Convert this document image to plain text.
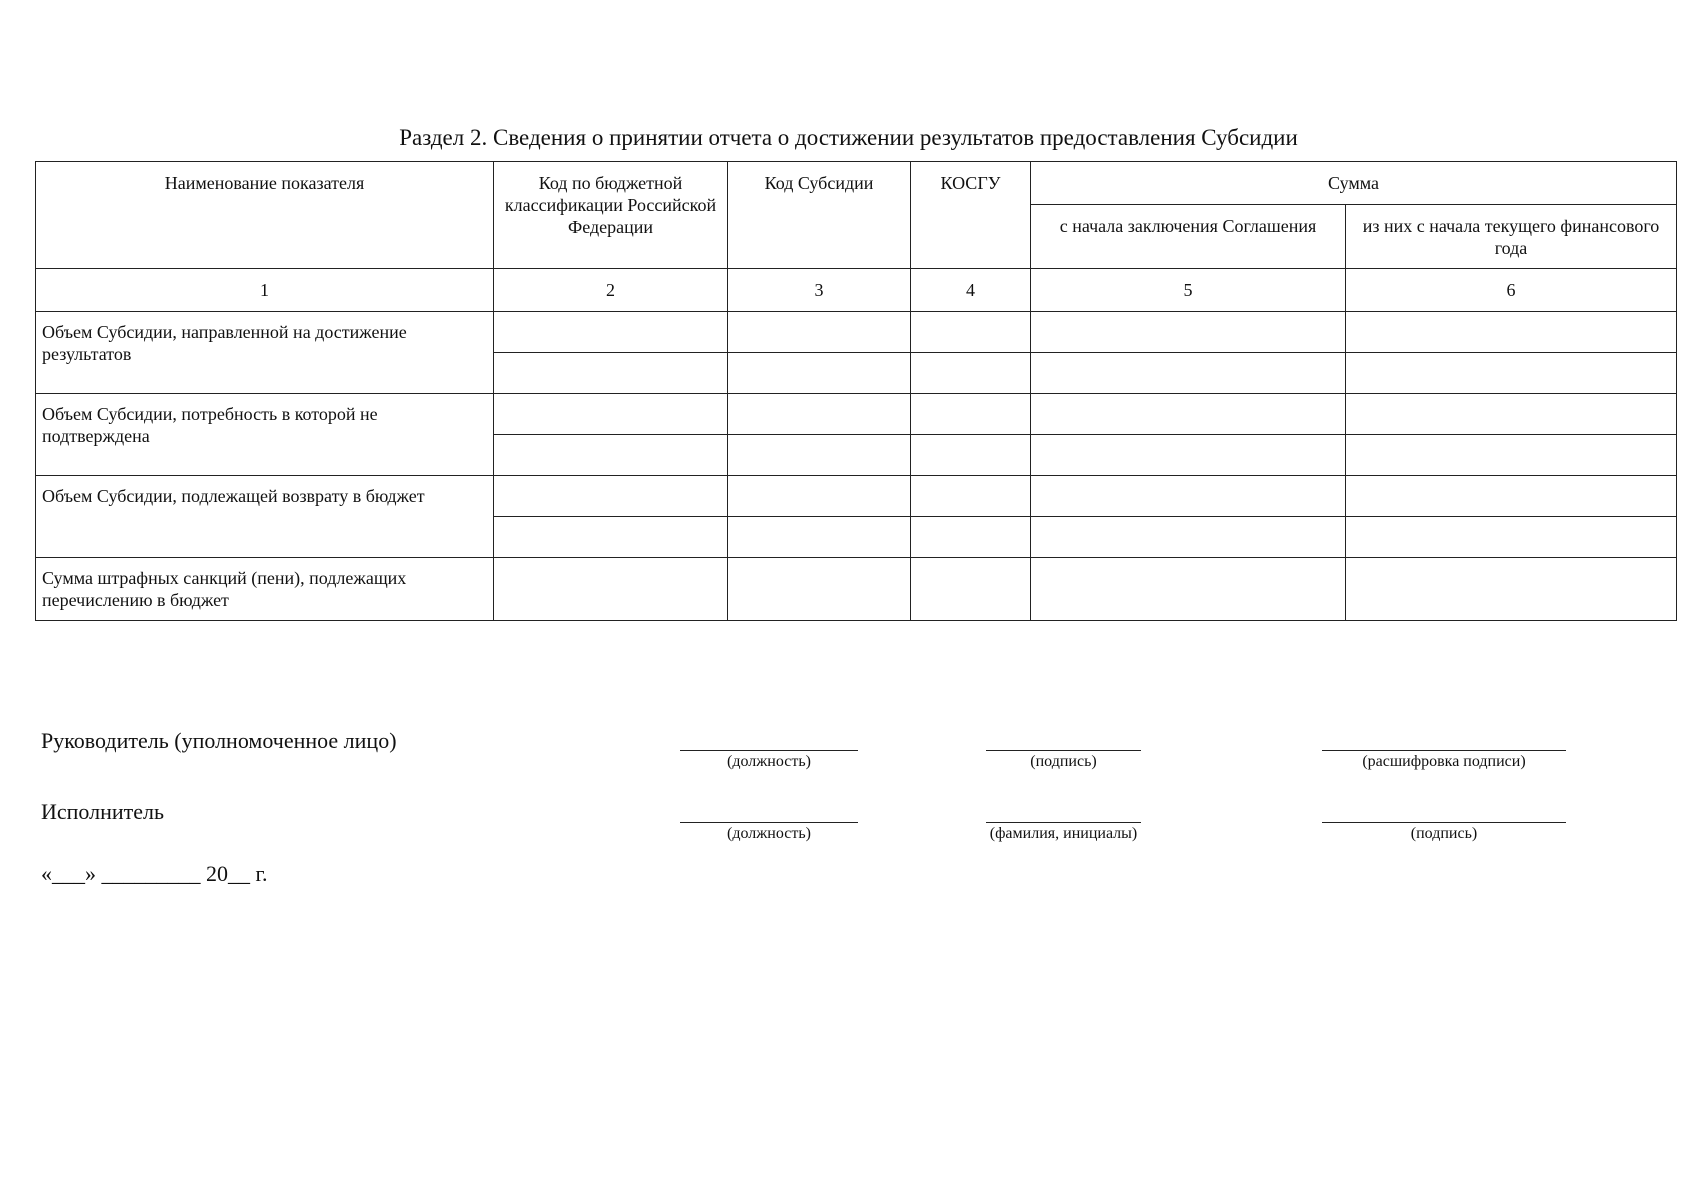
Раздел 2. Сведения о принятии отчета о достижении результатов предоставления Субсидии
Наименование показателя	Код по бюджетной классификации Российской Федерации	Код Субсидии	КОСГУ	Сумма	
				с начала заключения Соглашения	из них с начала текущего финансового года
1	2	3	4	5	6
Объем Субсидии, направленной на достижение результатов					

Объем Субсидии, потребность в которой не подтверждена					

Объем Субсидии, подлежащей возврату в бюджет					

Сумма штрафных санкций (пени), подлежащих перечислению в бюджет					
Руководитель (уполномоченное лицо)
(должность)	(подпись)	(расшифровка подписи)
Исполнитель
(должность)	(фамилия, инициалы)	(подпись)
«___» _________ 20__ г.
